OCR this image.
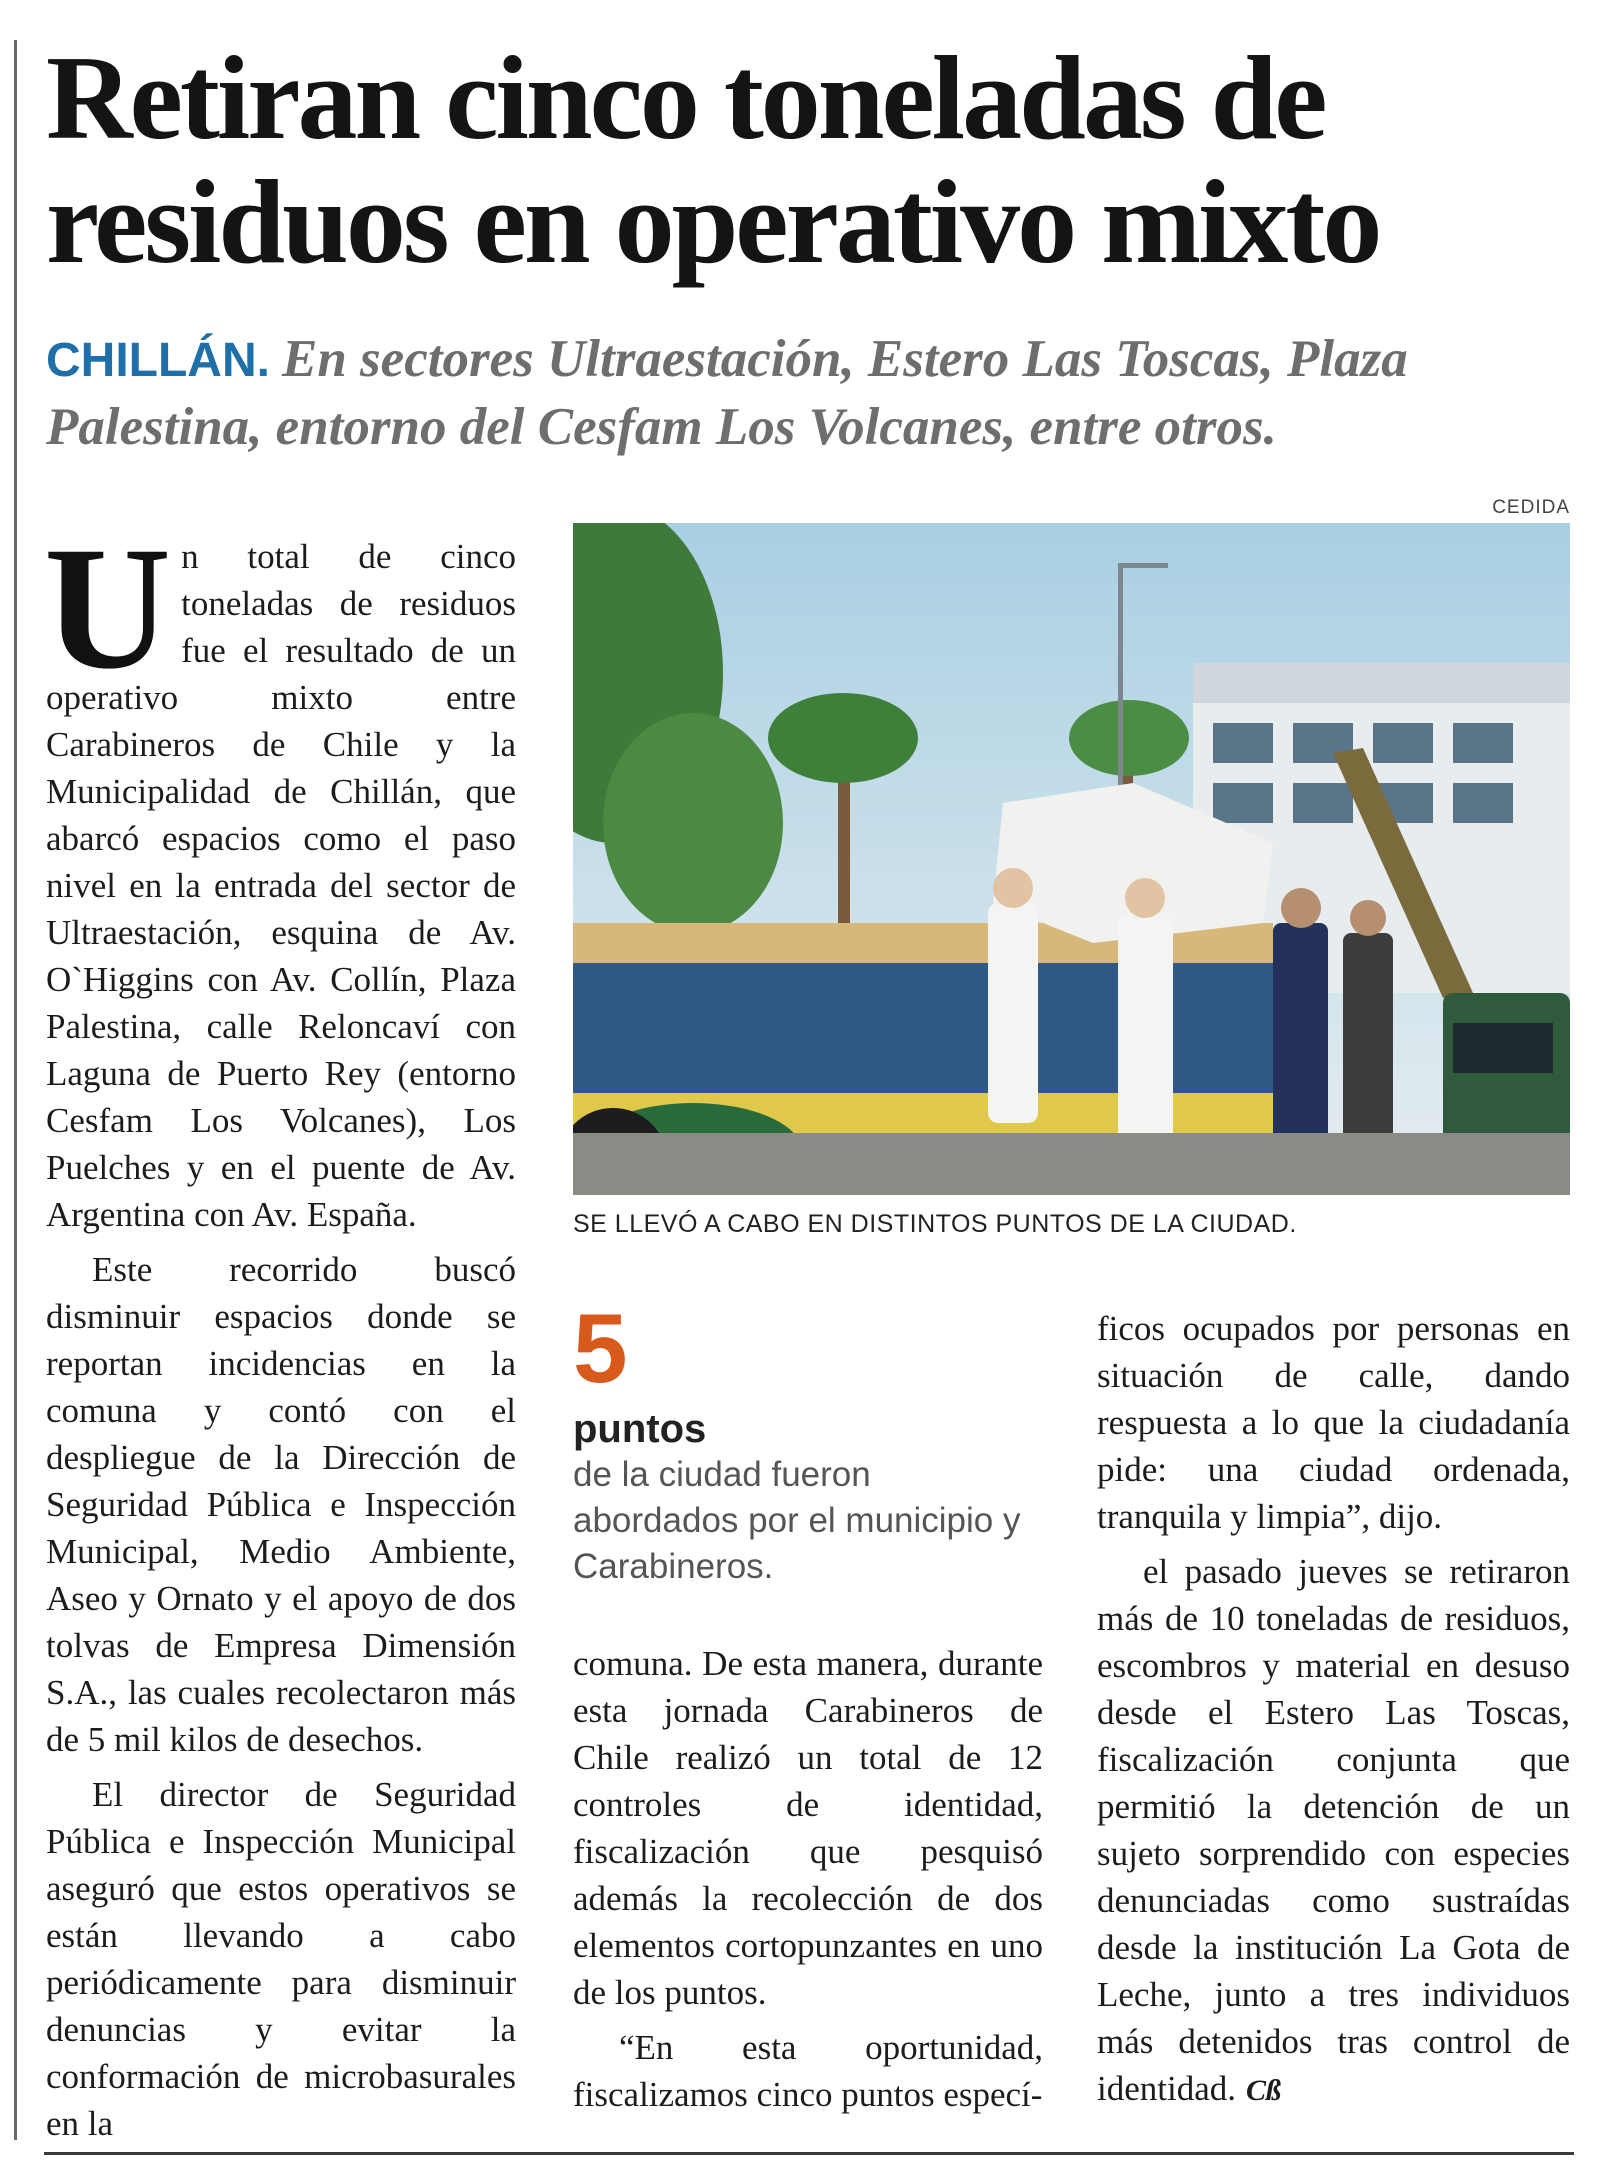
Retiran cinco toneladas de residuos en operativo mixto

CHILLÁN. En sectores Ultraestación, Estero Las Toscas, Plaza Palestina, entorno del Cesfam Los Volcanes, entre otros.

CEDIDA
SE LLEVÓ A CABO EN DISTINTOS PUNTOS DE LA CIUDAD.

Un total de cinco toneladas de residuos fue el resultado de un operativo mixto entre Carabineros de Chile y la Municipalidad de Chillán, que abarcó espacios como el paso nivel en la entrada del sector de Ultraestación, esquina de Av. O`Higgins con Av. Collín, Plaza Palestina, calle Reloncaví con Laguna de Puerto Rey (entorno Cesfam Los Volcanes), Los Puelches y en el puente de Av. Argentina con Av. España.

Este recorrido buscó disminuir espacios donde se reportan incidencias en la comuna y contó con el despliegue de la Dirección de Seguridad Pública e Inspección Municipal, Medio Ambiente, Aseo y Ornato y el apoyo de dos tolvas de Empresa Dimensión S.A., las cuales recolectaron más de 5 mil kilos de desechos.

El director de Seguridad Pública e Inspección Municipal aseguró que estos operativos se están llevando a cabo periódicamente para disminuir denuncias y evitar la conformación de microbasurales en la

5
puntos
de la ciudad fueron abordados por el municipio y Carabineros.

comuna. De esta manera, durante esta jornada Carabineros de Chile realizó un total de 12 controles de identidad, fiscalización que pesquisó además la recolección de dos elementos cortopunzantes en uno de los puntos.

“En esta oportunidad, fiscalizamos cinco puntos especí-

ficos ocupados por personas en situación de calle, dando respuesta a lo que la ciudadanía pide: una ciudad ordenada, tranquila y limpia”, dijo.

el pasado jueves se retiraron más de 10 toneladas de residuos, escombros y material en desuso desde el Estero Las Toscas, fiscalización conjunta que permitió la detención de un sujeto sorprendido con especies denunciadas como sustraídas desde la institución La Gota de Leche, junto a tres individuos más detenidos tras control de identidad. Cß
